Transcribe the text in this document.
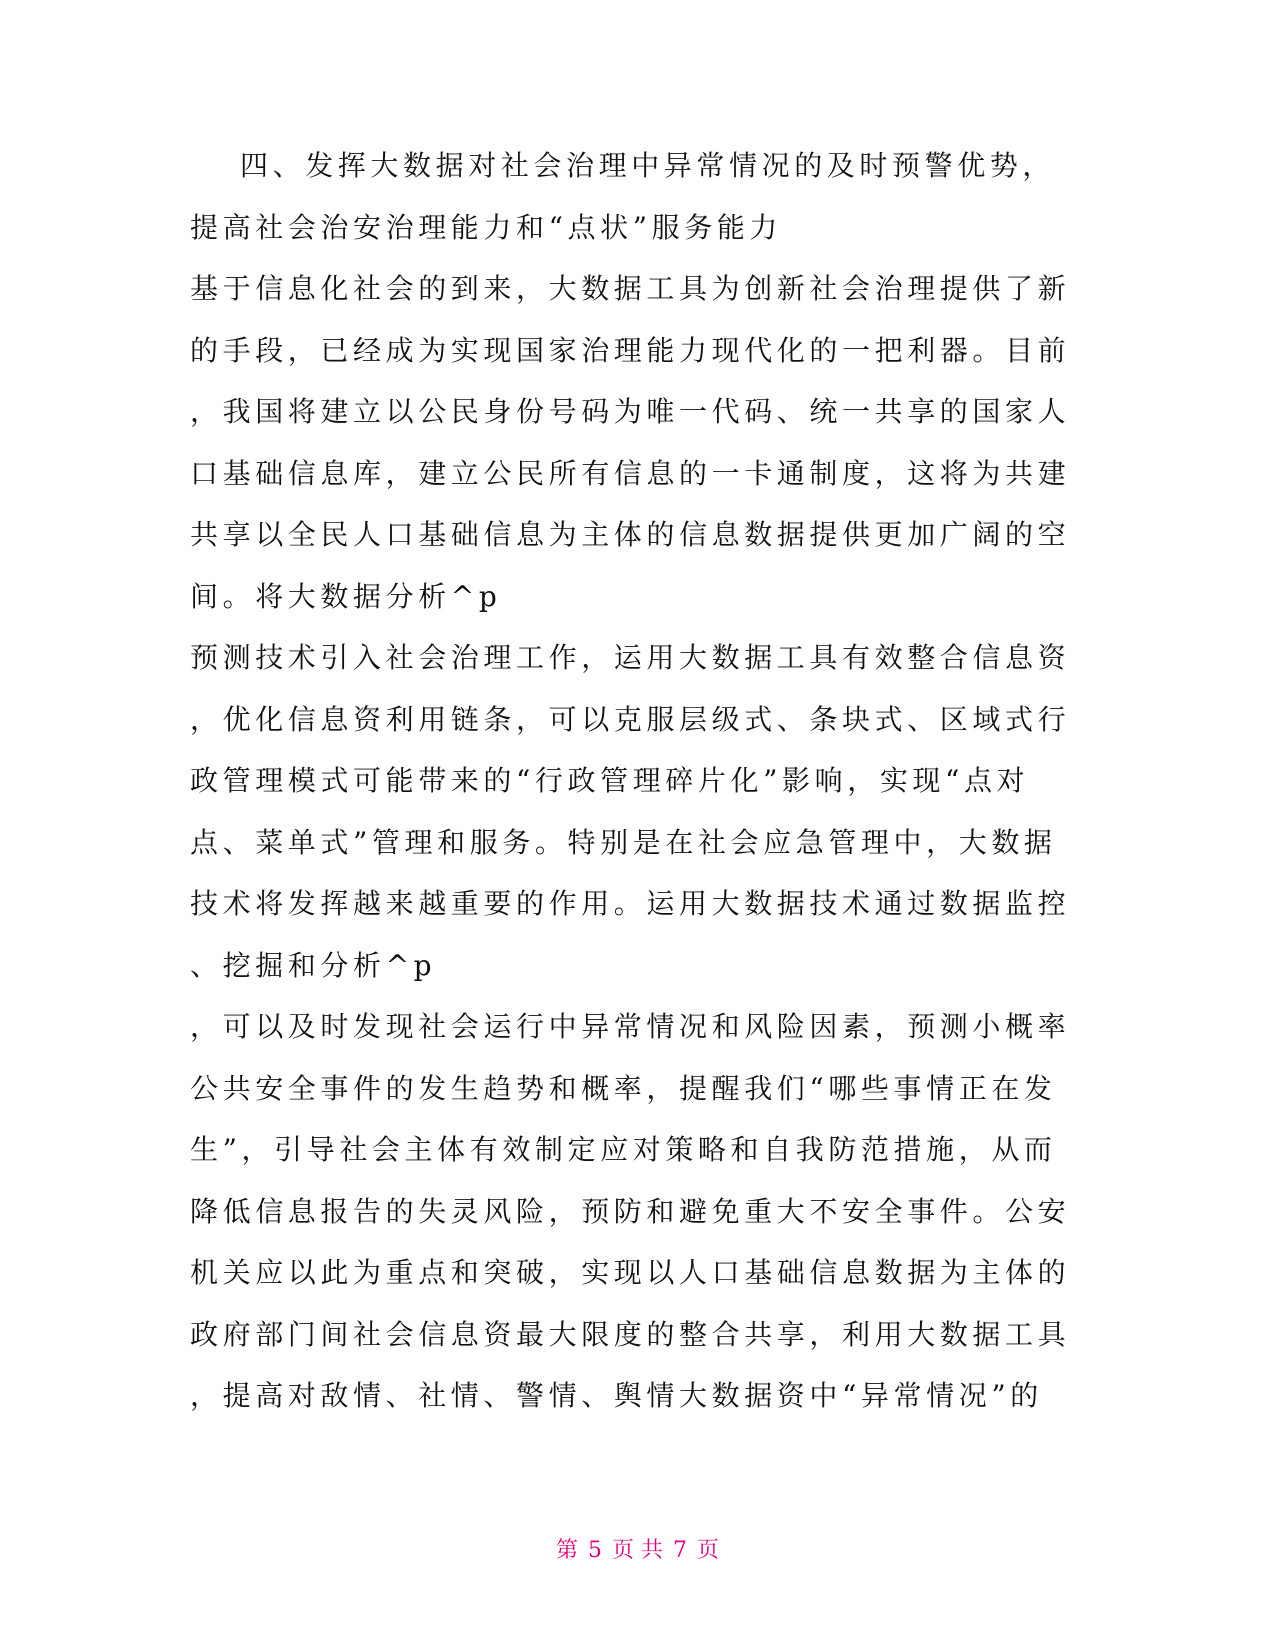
四、发挥大数据对社会治理中异常情况的及时预警优势，
提高社会治安治理能力和“点状”服务能力
基于信息化社会的到来，大数据工具为创新社会治理提供了新
的手段，已经成为实现国家治理能力现代化的一把利器。目前
，我国将建立以公民身份号码为唯一代码、统一共享的国家人
口基础信息库，建立公民所有信息的一卡通制度，这将为共建
共享以全民人口基础信息为主体的信息数据提供更加广阔的空
间。将大数据分析^p
预测技术引入社会治理工作，运用大数据工具有效整合信息资
，优化信息资利用链条，可以克服层级式、条块式、区域式行
政管理模式可能带来的“行政管理碎片化”影响，实现“点对
点、菜单式”管理和服务。特别是在社会应急管理中，大数据
技术将发挥越来越重要的作用。运用大数据技术通过数据监控
、挖掘和分析^p
，可以及时发现社会运行中异常情况和风险因素，预测小概率
公共安全事件的发生趋势和概率，提醒我们“哪些事情正在发
生”，引导社会主体有效制定应对策略和自我防范措施，从而
降低信息报告的失灵风险，预防和避免重大不安全事件。公安
机关应以此为重点和突破，实现以人口基础信息数据为主体的
政府部门间社会信息资最大限度的整合共享，利用大数据工具
，提高对敌情、社情、警情、舆情大数据资中“异常情况”的
第 5 页 共 7 页
